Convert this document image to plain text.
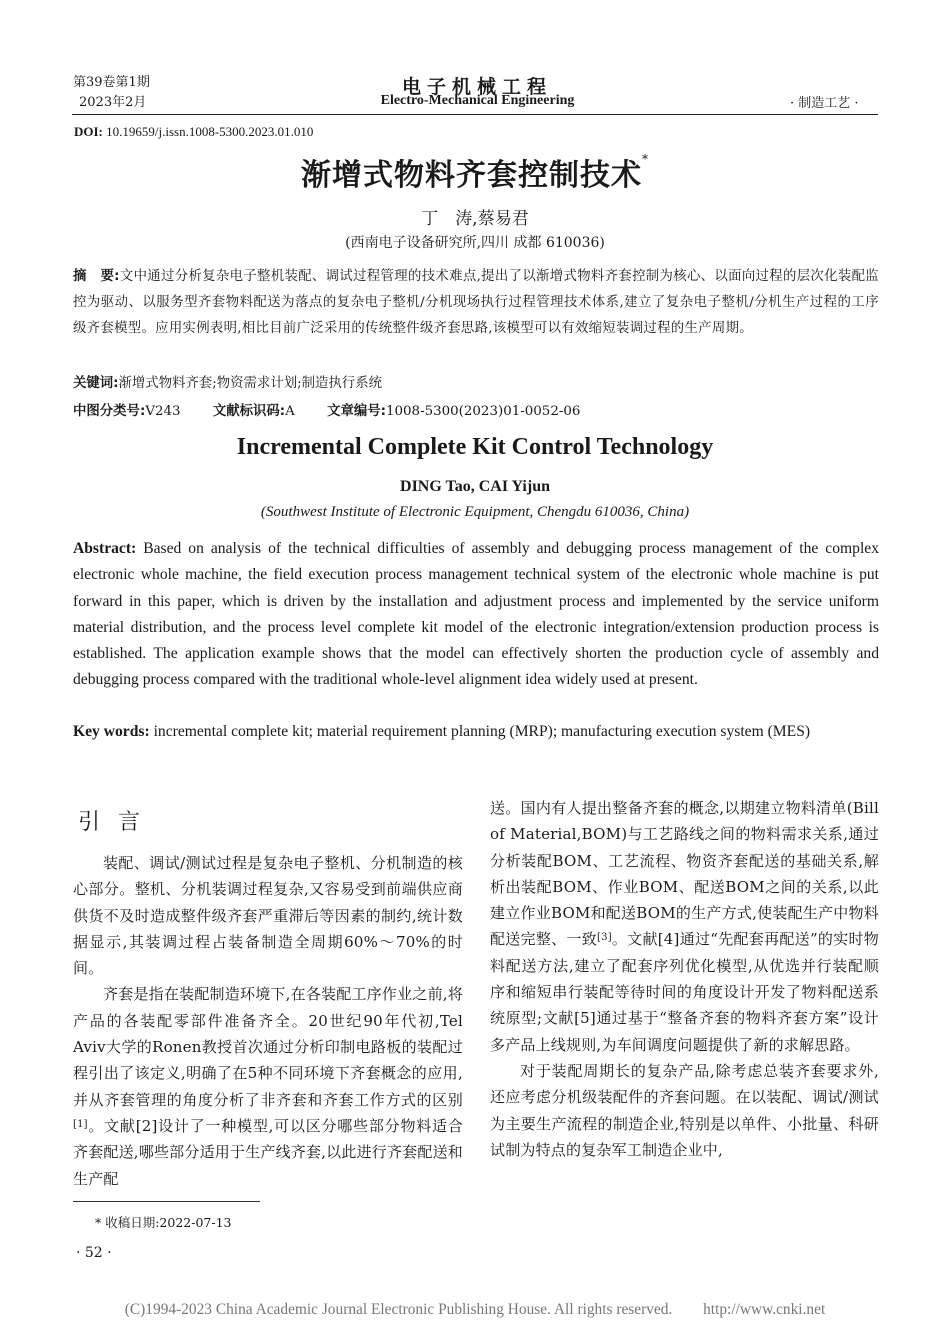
第39卷第1期
2023年2月
电子机械工程
Electro-Mechanical Engineering	· 制造工艺 ·
DOI: 10.19659/j.issn.1008-5300.2023.01.010
渐增式物料齐套控制技术*
丁　涛,蔡易君
(西南电子设备研究所,四川 成都 610036)
摘　要:文中通过分析复杂电子整机装配、调试过程管理的技术难点,提出了以渐增式物料齐套控制为核心、以面向过程的层次化装配监控为驱动、以服务型齐套物料配送为落点的复杂电子整机/分机现场执行过程管理技术体系,建立了复杂电子整机/分机生产过程的工序级齐套模型。应用实例表明,相比目前广泛采用的传统整件级齐套思路,该模型可以有效缩短装调过程的生产周期。
关键词:渐增式物料齐套;物资需求计划;制造执行系统
中图分类号:V243 文献标识码:A 文章编号:1008-5300(2023)01-0052-06
Incremental Complete Kit Control Technology
DING Tao, CAI Yijun
(Southwest Institute of Electronic Equipment, Chengdu 610036, China)
Abstract: Based on analysis of the technical difficulties of assembly and debugging process management of the complex electronic whole machine, the field execution process management technical system of the electronic whole machine is put forward in this paper, which is driven by the installation and adjustment process and implemented by the service uniform material distribution, and the process level complete kit model of the electronic integration/extension production process is established. The application example shows that the model can effectively shorten the production cycle of assembly and debugging process compared with the traditional whole-level alignment idea widely used at present.
Key words: incremental complete kit; material requirement planning (MRP); manufacturing execution system (MES)
引言

装配、调试/测试过程是复杂电子整机、分机制造的核心部分。整机、分机装调过程复杂,又容易受到前端供应商供货不及时造成整件级齐套严重滞后等因素的制约,统计数据显示,其装调过程占装备制造全周期60%～70%的时间。

齐套是指在装配制造环境下,在各装配工序作业之前,将产品的各装配零部件准备齐全。20世纪90年代初,Tel Aviv大学的Ronen教授首次通过分析印制电路板的装配过程引出了该定义,明确了在5种不同环境下齐套概念的应用,并从齐套管理的角度分析了非齐套和齐套工作方式的区别[1]。文献[2]设计了一种模型,可以区分哪些部分物料适合齐套配送,哪些部分适用于生产线齐套,以此进行齐套配送和生产配

送。国内有人提出整备齐套的概念,以期建立物料清单(Bill of Material,BOM)与工艺路线之间的物料需求关系,通过分析装配BOM、工艺流程、物资齐套配送的基础关系,解析出装配BOM、作业BOM、配送BOM之间的关系,以此建立作业BOM和配送BOM的生产方式,使装配生产中物料配送完整、一致[3]。文献[4]通过“先配套再配送”的实时物料配送方法,建立了配套序列优化模型,从优选并行装配顺序和缩短串行装配等待时间的角度设计开发了物料配送系统原型;文献[5]通过基于“整备齐套的物料齐套方案”设计多产品上线规则,为车间调度问题提供了新的求解思路。

对于装配周期长的复杂产品,除考虑总装齐套要求外,还应考虑分机级装配件的齐套问题。在以装配、调试/测试为主要生产流程的制造企业,特别是以单件、小批量、科研试制为特点的复杂军工制造企业中,

* 收稿日期:2022-07-13
· 52 ·
(C)1994-2023 China Academic Journal Electronic Publishing House. All rights reserved.　　http://www.cnki.net
